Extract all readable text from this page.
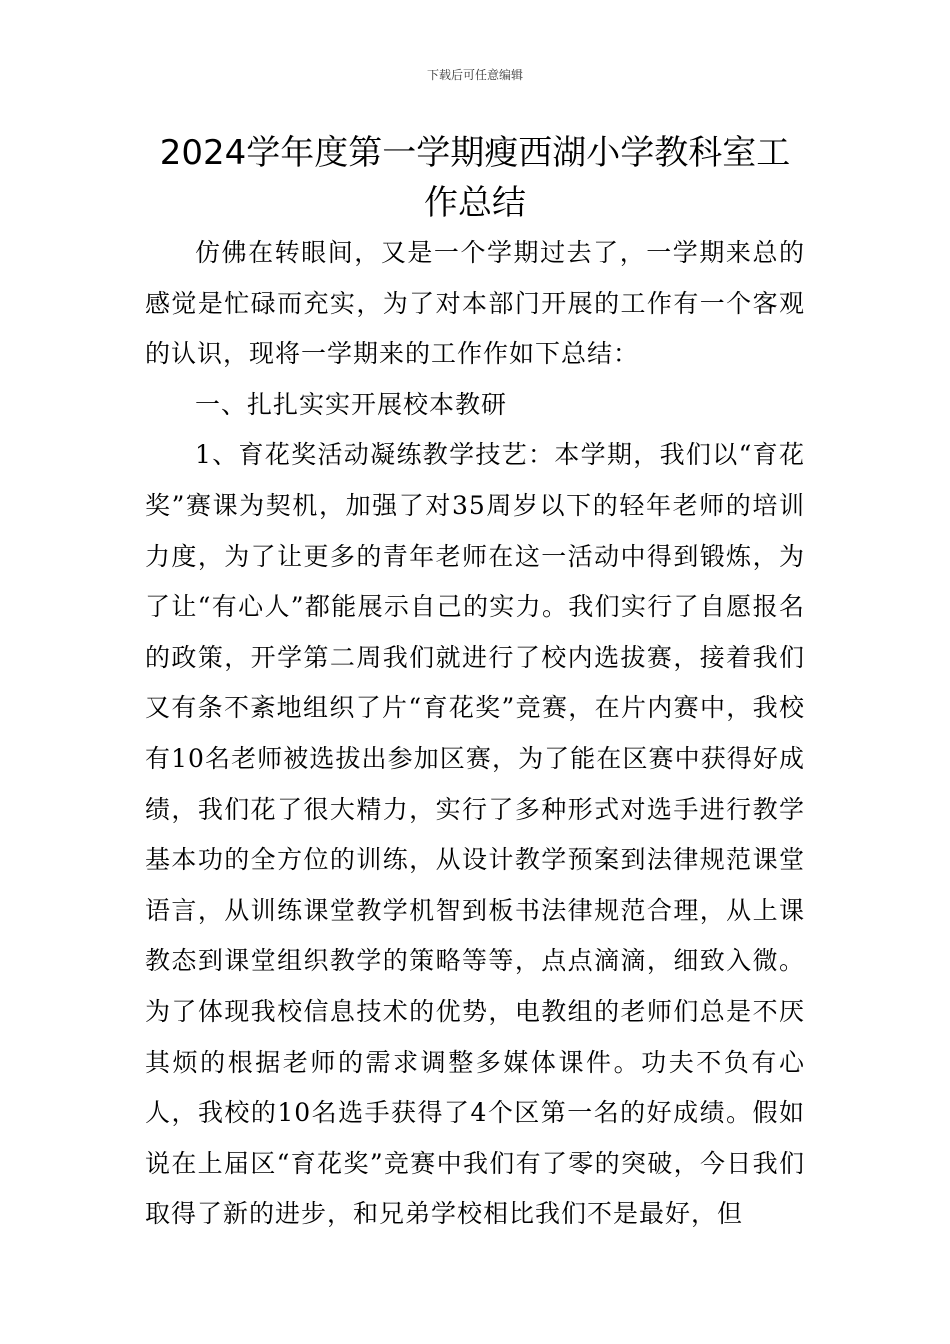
下载后可任意编辑
2024学年度第一学期瘦西湖小学教科室工作总结

仿佛在转眼间，又是一个学期过去了，一学期来总的感觉是忙碌而充实，为了对本部门开展的工作有一个客观的认识，现将一学期来的工作作如下总结：

一、扎扎实实开展校本教研

1、育花奖活动凝练教学技艺：本学期，我们以“育花奖”赛课为契机，加强了对35周岁以下的轻年老师的培训力度，为了让更多的青年老师在这一活动中得到锻炼，为了让“有心人”都能展示自己的实力。我们实行了自愿报名的政策，开学第二周我们就进行了校内选拔赛，接着我们又有条不紊地组织了片“育花奖”竞赛，在片内赛中，我校有10名老师被选拔出参加区赛，为了能在区赛中获得好成绩，我们花了很大精力，实行了多种形式对选手进行教学基本功的全方位的训练，从设计教学预案到法律规范课堂语言，从训练课堂教学机智到板书法律规范合理，从上课教态到课堂组织教学的策略等等，点点滴滴，细致入微。为了体现我校信息技术的优势，电教组的老师们总是不厌其烦的根据老师的需求调整多媒体课件。功夫不负有心人，我校的10名选手获得了4个区第一名的好成绩。假如说在上届区“育花奖”竞赛中我们有了零的突破，今日我们取得了新的进步，和兄弟学校相比我们不是最好，但
